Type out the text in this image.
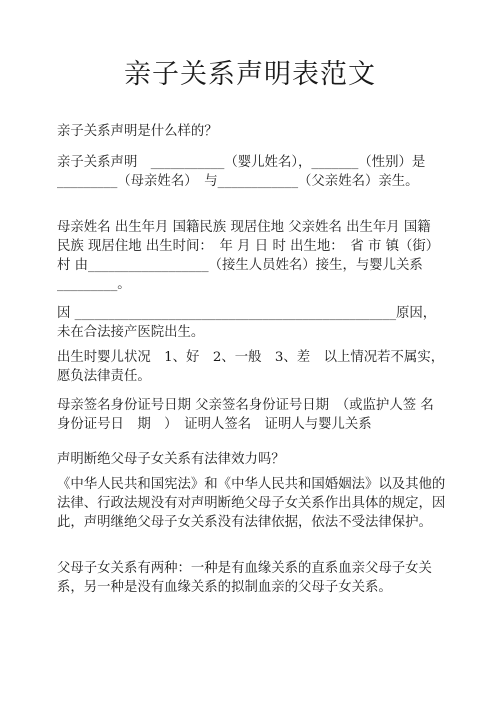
亲子关系声明表范文
亲子关系声明是什么样的？
亲子关系声明　___________（婴儿姓名），_______（性别）是_________（母亲姓名）　与____________（父亲姓名）亲生。
母亲姓名 出生年月 国籍民族 现居住地 父亲姓名 出生年月 国籍 民族 现居住地 出生时间：　年 月 日 时 出生地：　省 市 镇（街）　村 由__________________（接生人员姓名）接生，与婴儿关系 _________。
因 ________________________________________________原因，　未在合法接产医院出生。
出生时婴儿状况　1、好　2、一般　3、差　以上情况若不属实，　愿负法律责任。
母亲签名身份证号日期 父亲签名身份证号日期　（或监护人签 名身份证号日　期　）　证明人签名　证明人与婴儿关系
声明断绝父母子女关系有法律效力吗？
《中华人民共和国宪法》和《中华人民共和国婚姻法》以及其他的法律、行政法规没有对声明断绝父母子女关系作出具体的规定，因此，声明继绝父母子女关系没有法律依据，依法不受法律保护。
父母子女关系有两种：一种是有血缘关系的直系血亲父母子女关系，另一种是没有血缘关系的拟制血亲的父母子女关系。
